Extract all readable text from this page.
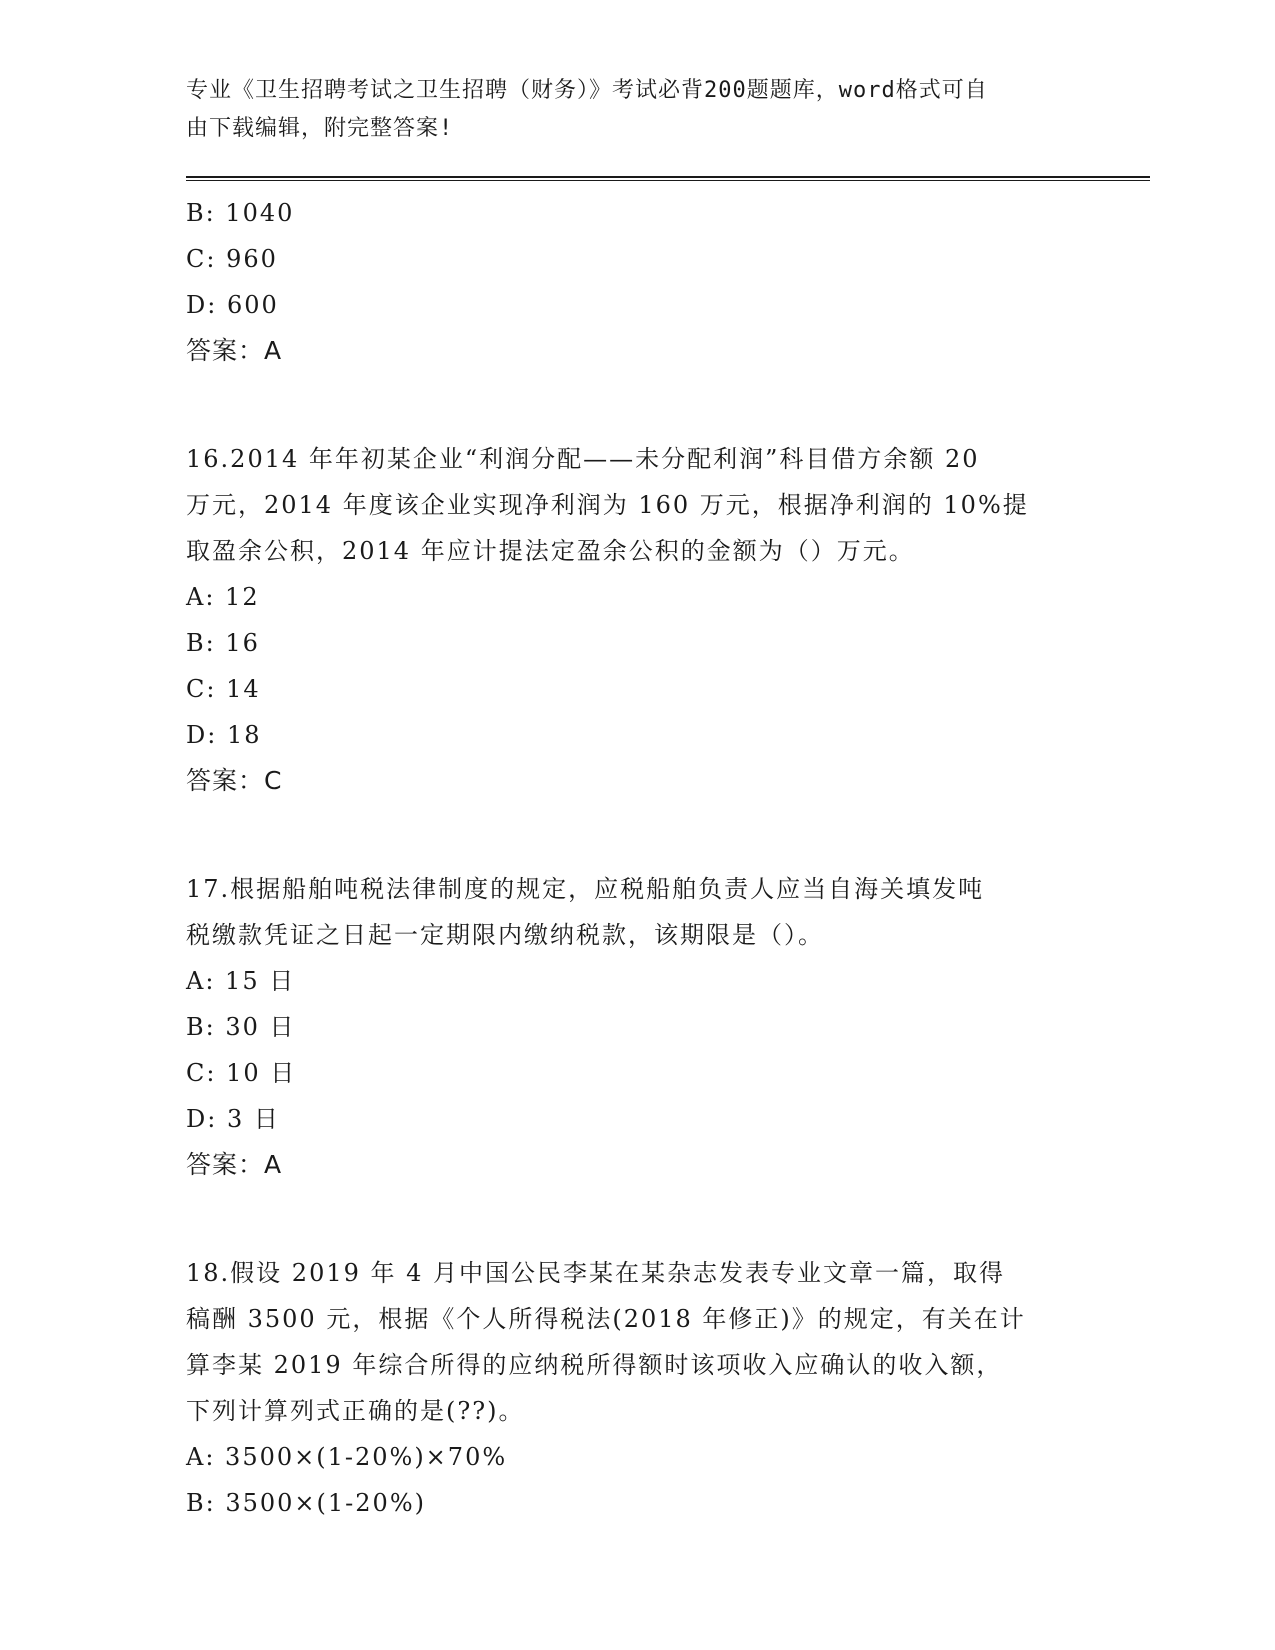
专业《卫生招聘考试之卫生招聘（财务）》考试必背200题题库，word格式可自
由下载编辑，附完整答案!
B: 1040
C: 960
D: 600
答案：A
16.2014 年年初某企业“利润分配——未分配利润”科目借方余额 20
万元，2014 年度该企业实现净利润为 160 万元，根据净利润的 10%提
取盈余公积，2014 年应计提法定盈余公积的金额为（）万元。
A: 12
B: 16
C: 14
D: 18
答案：C
17.根据船舶吨税法律制度的规定，应税船舶负责人应当自海关填发吨
税缴款凭证之日起一定期限内缴纳税款，该期限是（）。
A: 15 日
B: 30 日
C: 10 日
D: 3 日
答案：A
18.假设 2019 年 4 月中国公民李某在某杂志发表专业文章一篇，取得
稿酬 3500 元，根据《个人所得税法(2018 年修正)》的规定，有关在计
算李某 2019 年综合所得的应纳税所得额时该项收入应确认的收入额，
下列计算列式正确的是(??)。
A: 3500×(1-20%)×70%
B: 3500×(1-20%)
